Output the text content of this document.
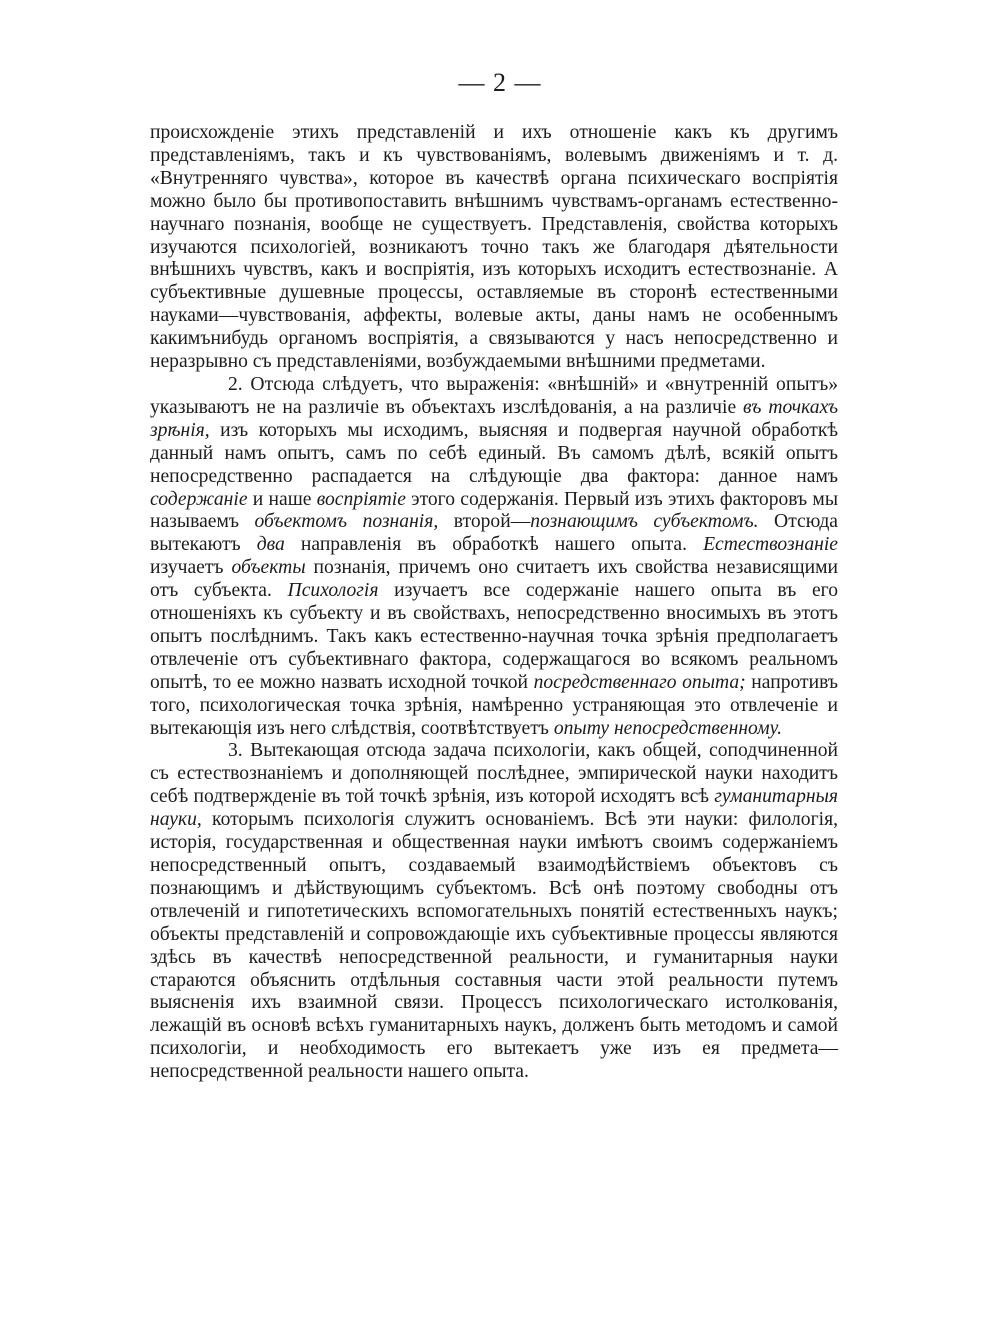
— 2 —

происхожденіе этихъ представленій и ихъ отношеніе какъ къ другимъ представленіямъ, такъ и къ чувствованіямъ, волевымъ движеніямъ и т. д. «Внутренняго чувства», которое въ качествѣ органа психическаго воспріятія можно было бы противопоставить внѣшнимъ чувствамъ-органамъ естественно-научнаго познанія, вообще не существуетъ. Представленія, свойства которыхъ изучаются психологіей, возникаютъ точно такъ же благодаря дѣятельности внѣшнихъ чувствъ, какъ и воспріятія, изъ которыхъ исходитъ естествознаніе. А субъективные душевные процессы, оставляемые въ сторонѣ естественными науками—чувствованія, аффекты, волевые акты, даны намъ не особеннымъ какимънибудь органомъ воспріятія, а связываются у насъ непосредственно и неразрывно съ представленіями, возбуждаемыми внѣшними предметами.

2. Отсюда слѣдуетъ, что выраженія: «внѣшній» и «внутренній опытъ» указываютъ не на различіе въ объектахъ изслѣдованія, а на различіе въ точкахъ зрѣнія, изъ которыхъ мы исходимъ, выясняя и подвергая научной обработкѣ данный намъ опытъ, самъ по себѣ единый. Въ самомъ дѣлѣ, всякій опытъ непосредственно распадается на слѣдующіе два фактора: данное намъ содержаніе и наше воспріятіе этого содержанія. Первый изъ этихъ факторовъ мы называемъ объектомъ познанія, второй—познающимъ субъектомъ. Отсюда вытекаютъ два направленія въ обработкѣ нашего опыта. Естествознаніе изучаетъ объекты познанія, причемъ оно считаетъ ихъ свойства независящими отъ субъекта. Психологія изучаетъ все содержаніе нашего опыта въ его отношеніяхъ къ субъекту и въ свойствахъ, непосредственно вносимыхъ въ этотъ опытъ послѣднимъ. Такъ какъ естественно-научная точка зрѣнія предполагаетъ отвлеченіе отъ субъективнаго фактора, содержащагося во всякомъ реальномъ опытѣ, то ее можно назвать исходной точкой посредственнаго опыта; напротивъ того, психологическая точка зрѣнія, намѣренно устраняющая это отвлеченіе и вытекающія изъ него слѣдствія, соотвѣтствуетъ опыту непосредственному.

3. Вытекающая отсюда задача психологіи, какъ общей, соподчиненной съ естествознаніемъ и дополняющей послѣднее, эмпирической науки находитъ себѣ подтвержденіе въ той точкѣ зрѣнія, изъ которой исходятъ всѣ гуманитарныя науки, которымъ психологія служитъ основаніемъ. Всѣ эти науки: филологія, исторія, государственная и общественная науки имѣютъ своимъ содержаніемъ непосредственный опытъ, создаваемый взаимодѣйствіемъ объектовъ съ познающимъ и дѣйствующимъ субъектомъ. Всѣ онѣ поэтому свободны отъ отвлеченій и гипотетическихъ вспомогательныхъ понятій естественныхъ наукъ; объекты представленій и сопровождающіе ихъ субъективные процессы являются здѣсь въ качествѣ непосредственной реальности, и гуманитарныя науки стараются объяснить отдѣльныя составныя части этой реальности путемъ выясненія ихъ взаимной связи. Процессъ психологическаго истолкованія, лежащій въ основѣ всѣхъ гуманитарныхъ наукъ, долженъ быть методомъ и самой психологіи, и необходимость его вытекаетъ уже изъ ея предмета—непосредственной реальности нашего опыта.
